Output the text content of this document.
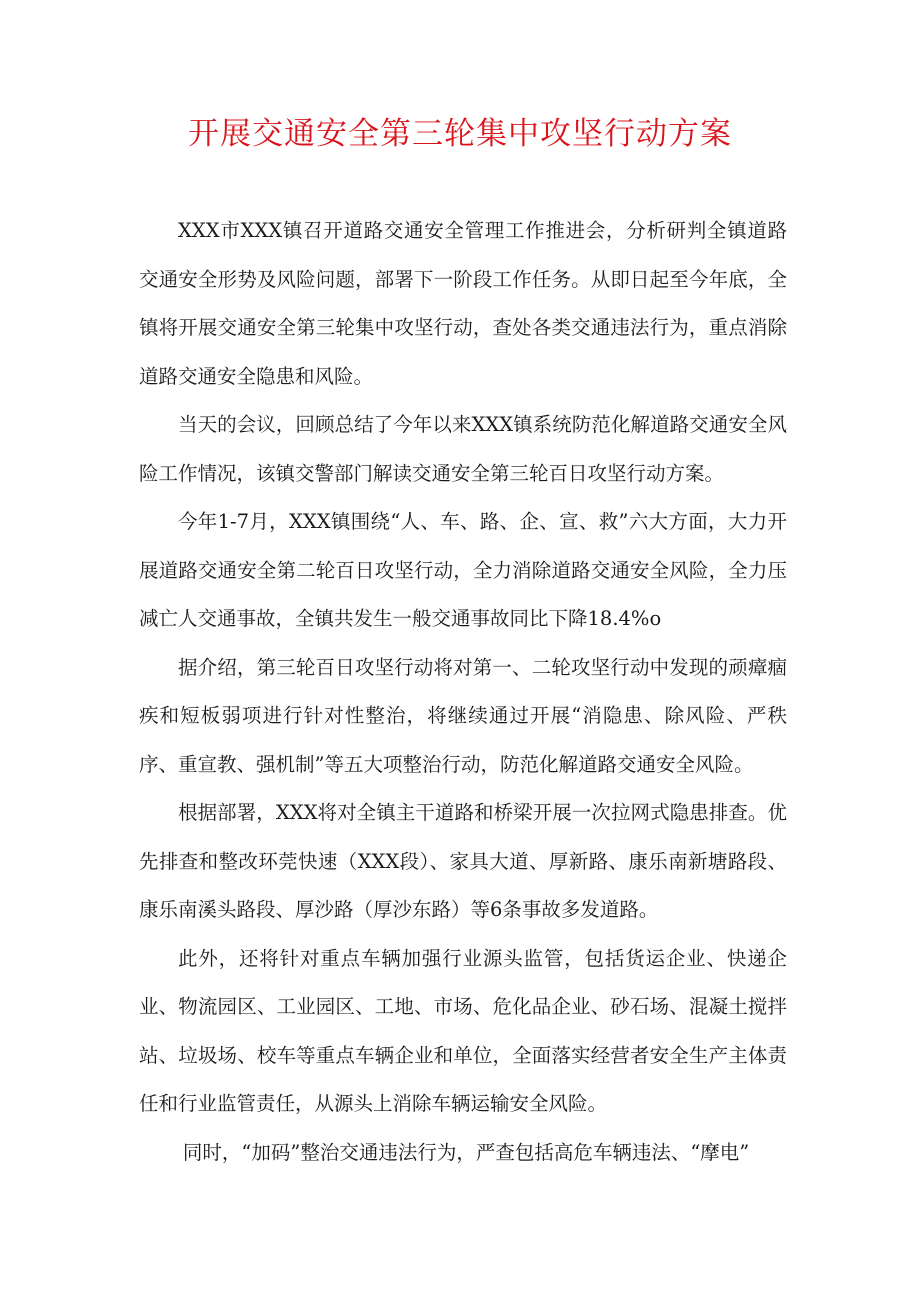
开展交通安全第三轮集中攻坚行动方案

XXX市XXX镇召开道路交通安全管理工作推进会，分析研判全镇道路交通安全形势及风险问题，部署下一阶段工作任务。从即日起至今年底，全镇将开展交通安全第三轮集中攻坚行动，查处各类交通违法行为，重点消除道路交通安全隐患和风险。

当天的会议，回顾总结了今年以来XXX镇系统防范化解道路交通安全风险工作情况，该镇交警部门解读交通安全第三轮百日攻坚行动方案。

今年1-7月，XXX镇围绕“人、车、路、企、宣、救”六大方面，大力开展道路交通安全第二轮百日攻坚行动，全力消除道路交通安全风险，全力压减亡人交通事故，全镇共发生一般交通事故同比下降18.4%o

据介绍，第三轮百日攻坚行动将对第一、二轮攻坚行动中发现的顽瘴痼疾和短板弱项进行针对性整治，将继续通过开展“消隐患、除风险、严秩序、重宣教、强机制”等五大项整治行动，防范化解道路交通安全风险。

根据部署，XXX将对全镇主干道路和桥梁开展一次拉网式隐患排查。优先排查和整改环莞快速（XXX段）、家具大道、厚新路、康乐南新塘路段、康乐南溪头路段、厚沙路（厚沙东路）等6条事故多发道路。

此外，还将针对重点车辆加强行业源头监管，包括货运企业、快递企业、物流园区、工业园区、工地、市场、危化品企业、砂石场、混凝土搅拌站、垃圾场、校车等重点车辆企业和单位，全面落实经营者安全生产主体责任和行业监管责任，从源头上消除车辆运输安全风险。

同时，“加码”整治交通违法行为，严查包括高危车辆违法、“摩电”
